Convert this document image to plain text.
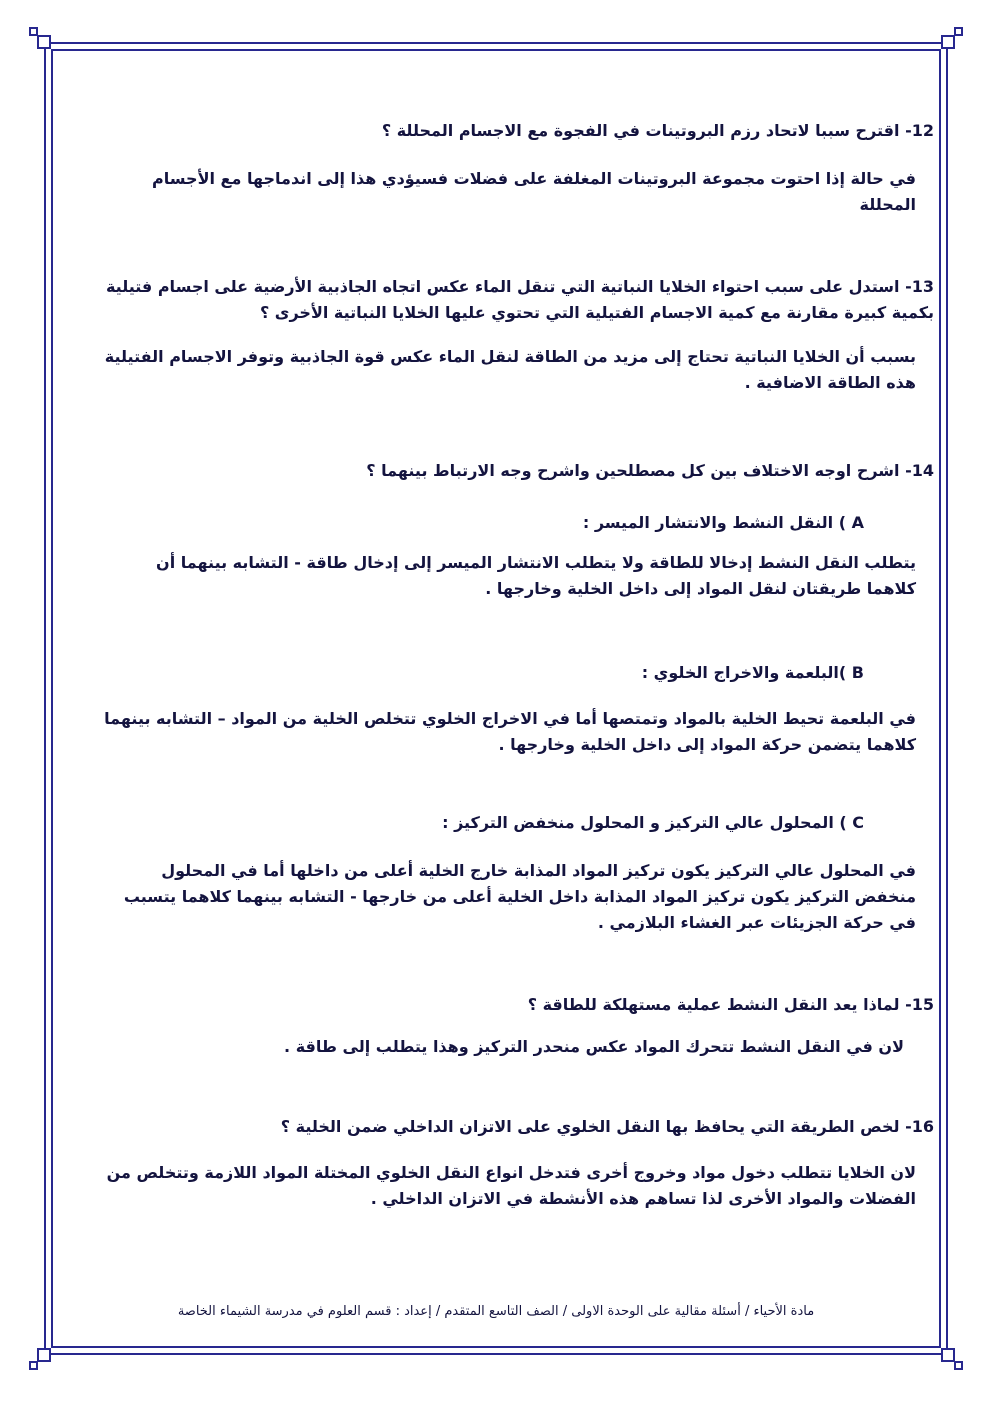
12- اقترح سببا لاتحاد رزم البروتينات في الفجوة مع الاجسام المحللة ؟

في حالة إذا احتوت مجموعة البروتينات المغلفة على فضلات فسيؤدي هذا إلى اندماجها مع الأجسام المحللة

13- استدل على سبب احتواء الخلايا النباتية التي تنقل الماء عكس اتجاه الجاذبية الأرضية على اجسام فتيلية بكمية كبيرة مقارنة مع كمية الاجسام الفتيلية التي تحتوي عليها الخلايا النباتية الأخرى ؟

بسبب أن الخلايا النباتية تحتاج إلى مزيد من الطاقة لنقل الماء عكس قوة الجاذبية وتوفر الاجسام الفتيلية هذه الطاقة الاضافية .

14- اشرح اوجه الاختلاف بين كل مصطلحين واشرح وجه الارتباط بينهما ؟

A ) النقل النشط والانتشار الميسر :

يتطلب النقل النشط إدخالا للطاقة ولا يتطلب الانتشار الميسر إلى إدخال طاقة - التشابه بينهما أن كلاهما طريقتان لنقل المواد إلى داخل الخلية وخارجها .

B )البلعمة والاخراج الخلوي :

في البلعمة تحيط الخلية بالمواد وتمتصها أما في الاخراج الخلوي تتخلص الخلية من المواد – التشابه بينهما كلاهما يتضمن حركة المواد إلى داخل الخلية وخارجها .

C ) المحلول عالي التركيز و المحلول منخفض التركيز :

في المحلول عالي التركيز يكون تركيز المواد المذابة خارج الخلية أعلى من داخلها أما في المحلول منخفض التركيز يكون تركيز المواد المذابة داخل الخلية أعلى من خارجها - التشابه بينهما كلاهما يتسبب في حركة الجزيئات عبر الغشاء البلازمي .

15- لماذا يعد النقل النشط عملية مستهلكة للطاقة ؟

لان في النقل النشط تتحرك المواد عكس منحدر التركيز وهذا يتطلب إلى طاقة .

16- لخص الطريقة التي يحافظ بها النقل الخلوي على الاتزان الداخلي ضمن الخلية ؟

لان الخلايا تتطلب دخول مواد وخروج أخرى فتدخل انواع النقل الخلوي المختلة المواد اللازمة وتتخلص من الفضلات والمواد الأخرى لذا تساهم هذه الأنشطة في الاتزان الداخلي .

مادة الأحياء / أسئلة مقالية على الوحدة الاولى / الصف التاسع المتقدم / إعداد : قسم العلوم في مدرسة الشيماء الخاصة
